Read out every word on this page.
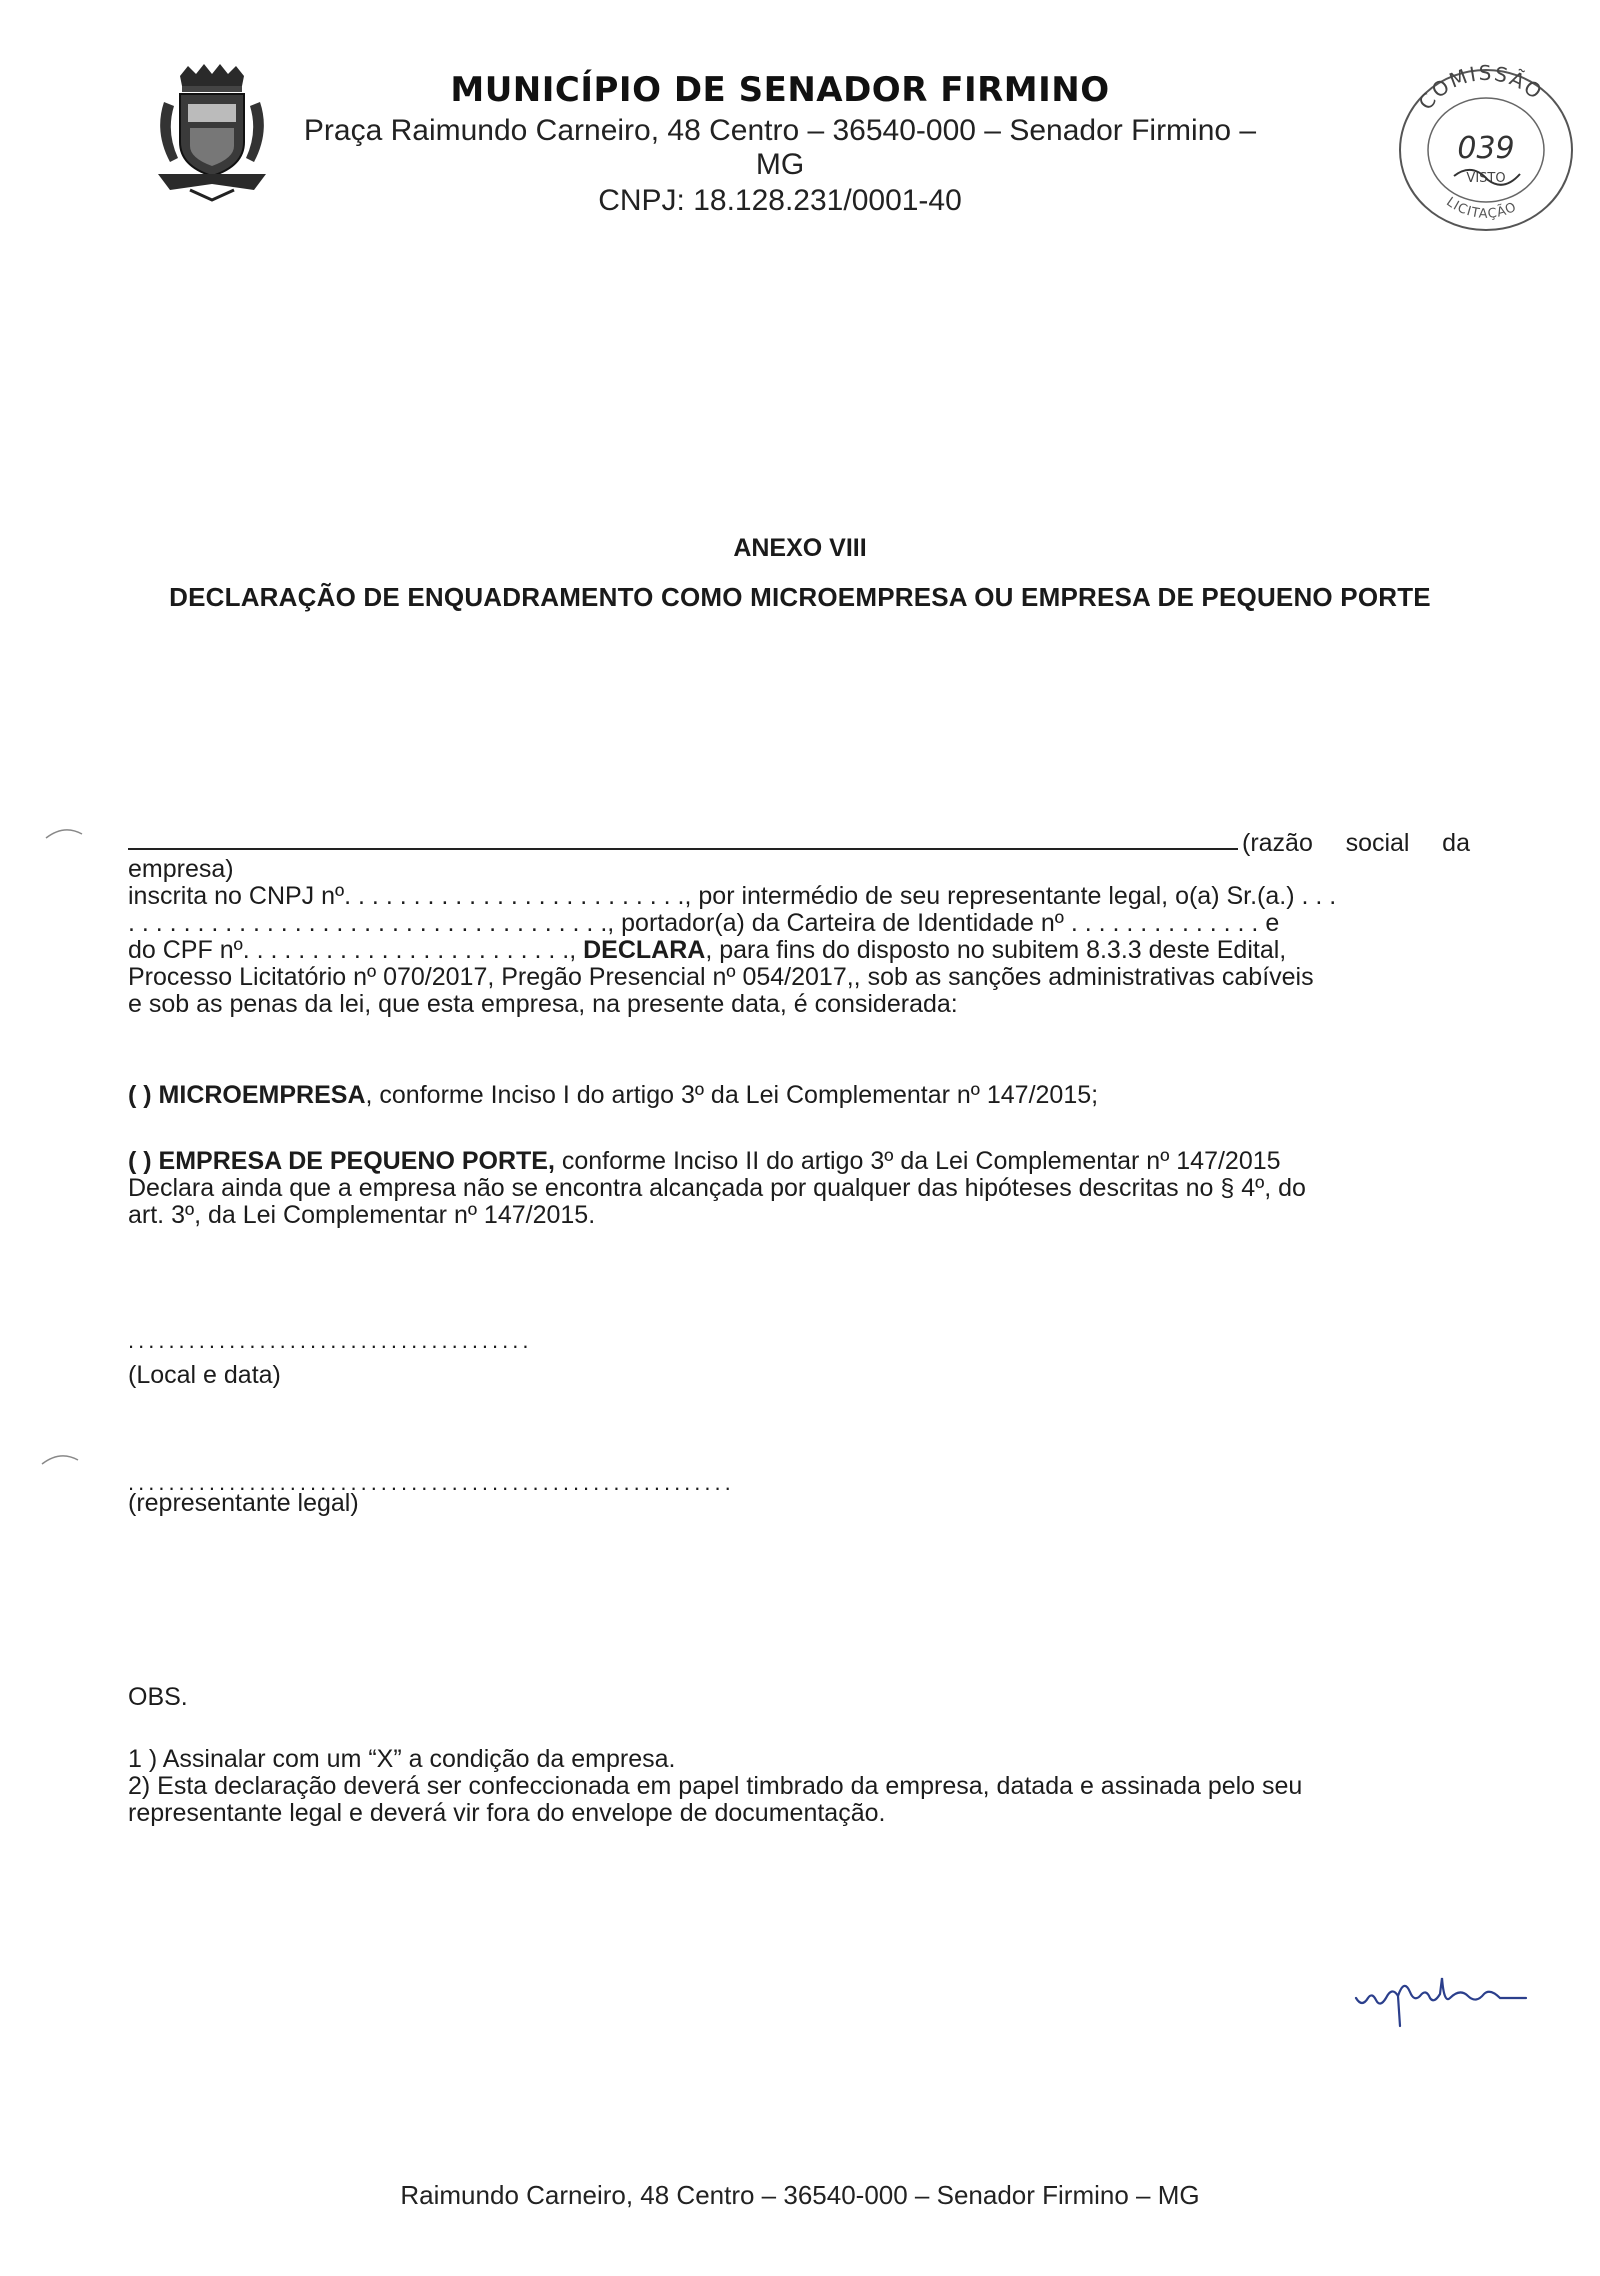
MUNICÍPIO DE SENADOR FIRMINO
Praça Raimundo Carneiro, 48 Centro – 36540-000 – Senador Firmino – MG
CNPJ: 18.128.231/0001-40
COMISSÃO
039
VISTO
LICITAÇÃO
ANEXO VIII
DECLARAÇÃO DE ENQUADRAMENTO COMO MICROEMPRESA OU EMPRESA DE PEQUENO PORTE
(razão social da
empresa)
inscrita no CNPJ nº. . . . . . . . . . . . . . . . . . . . . . . . ., por intermédio de seu representante legal, o(a) Sr.(a.) . . .
. . . . . . . . . . . . . . . . . . . . . . . . . . . . . . . . . . ., portador(a) da Carteira de Identidade nº . . . . . . . . . . . . . . e
do CPF nº. . . . . . . . . . . . . . . . . . . . . . . ., DECLARA, para fins do disposto no subitem 8.3.3 deste Edital,
Processo Licitatório nº 070/2017, Pregão Presencial nº 054/2017,, sob as sanções administrativas cabíveis
e sob as penas da lei, que esta empresa, na presente data, é considerada:
( ) MICROEMPRESA, conforme Inciso I do artigo 3º da Lei Complementar nº 147/2015;
( ) EMPRESA DE PEQUENO PORTE, conforme Inciso II do artigo 3º da Lei Complementar nº 147/2015
Declara ainda que a empresa não se encontra alcançada por qualquer das hipóteses descritas no § 4º, do
art. 3º, da Lei Complementar nº 147/2015.
........................................
(Local e data)
............................................................
(representante legal)
OBS.
1 ) Assinalar com um “X” a condição da empresa.
2) Esta declaração deverá ser confeccionada em papel timbrado da empresa, datada e assinada pelo seu
representante legal e deverá vir fora do envelope de documentação.
Raimundo Carneiro, 48 Centro – 36540-000 – Senador Firmino – MG
